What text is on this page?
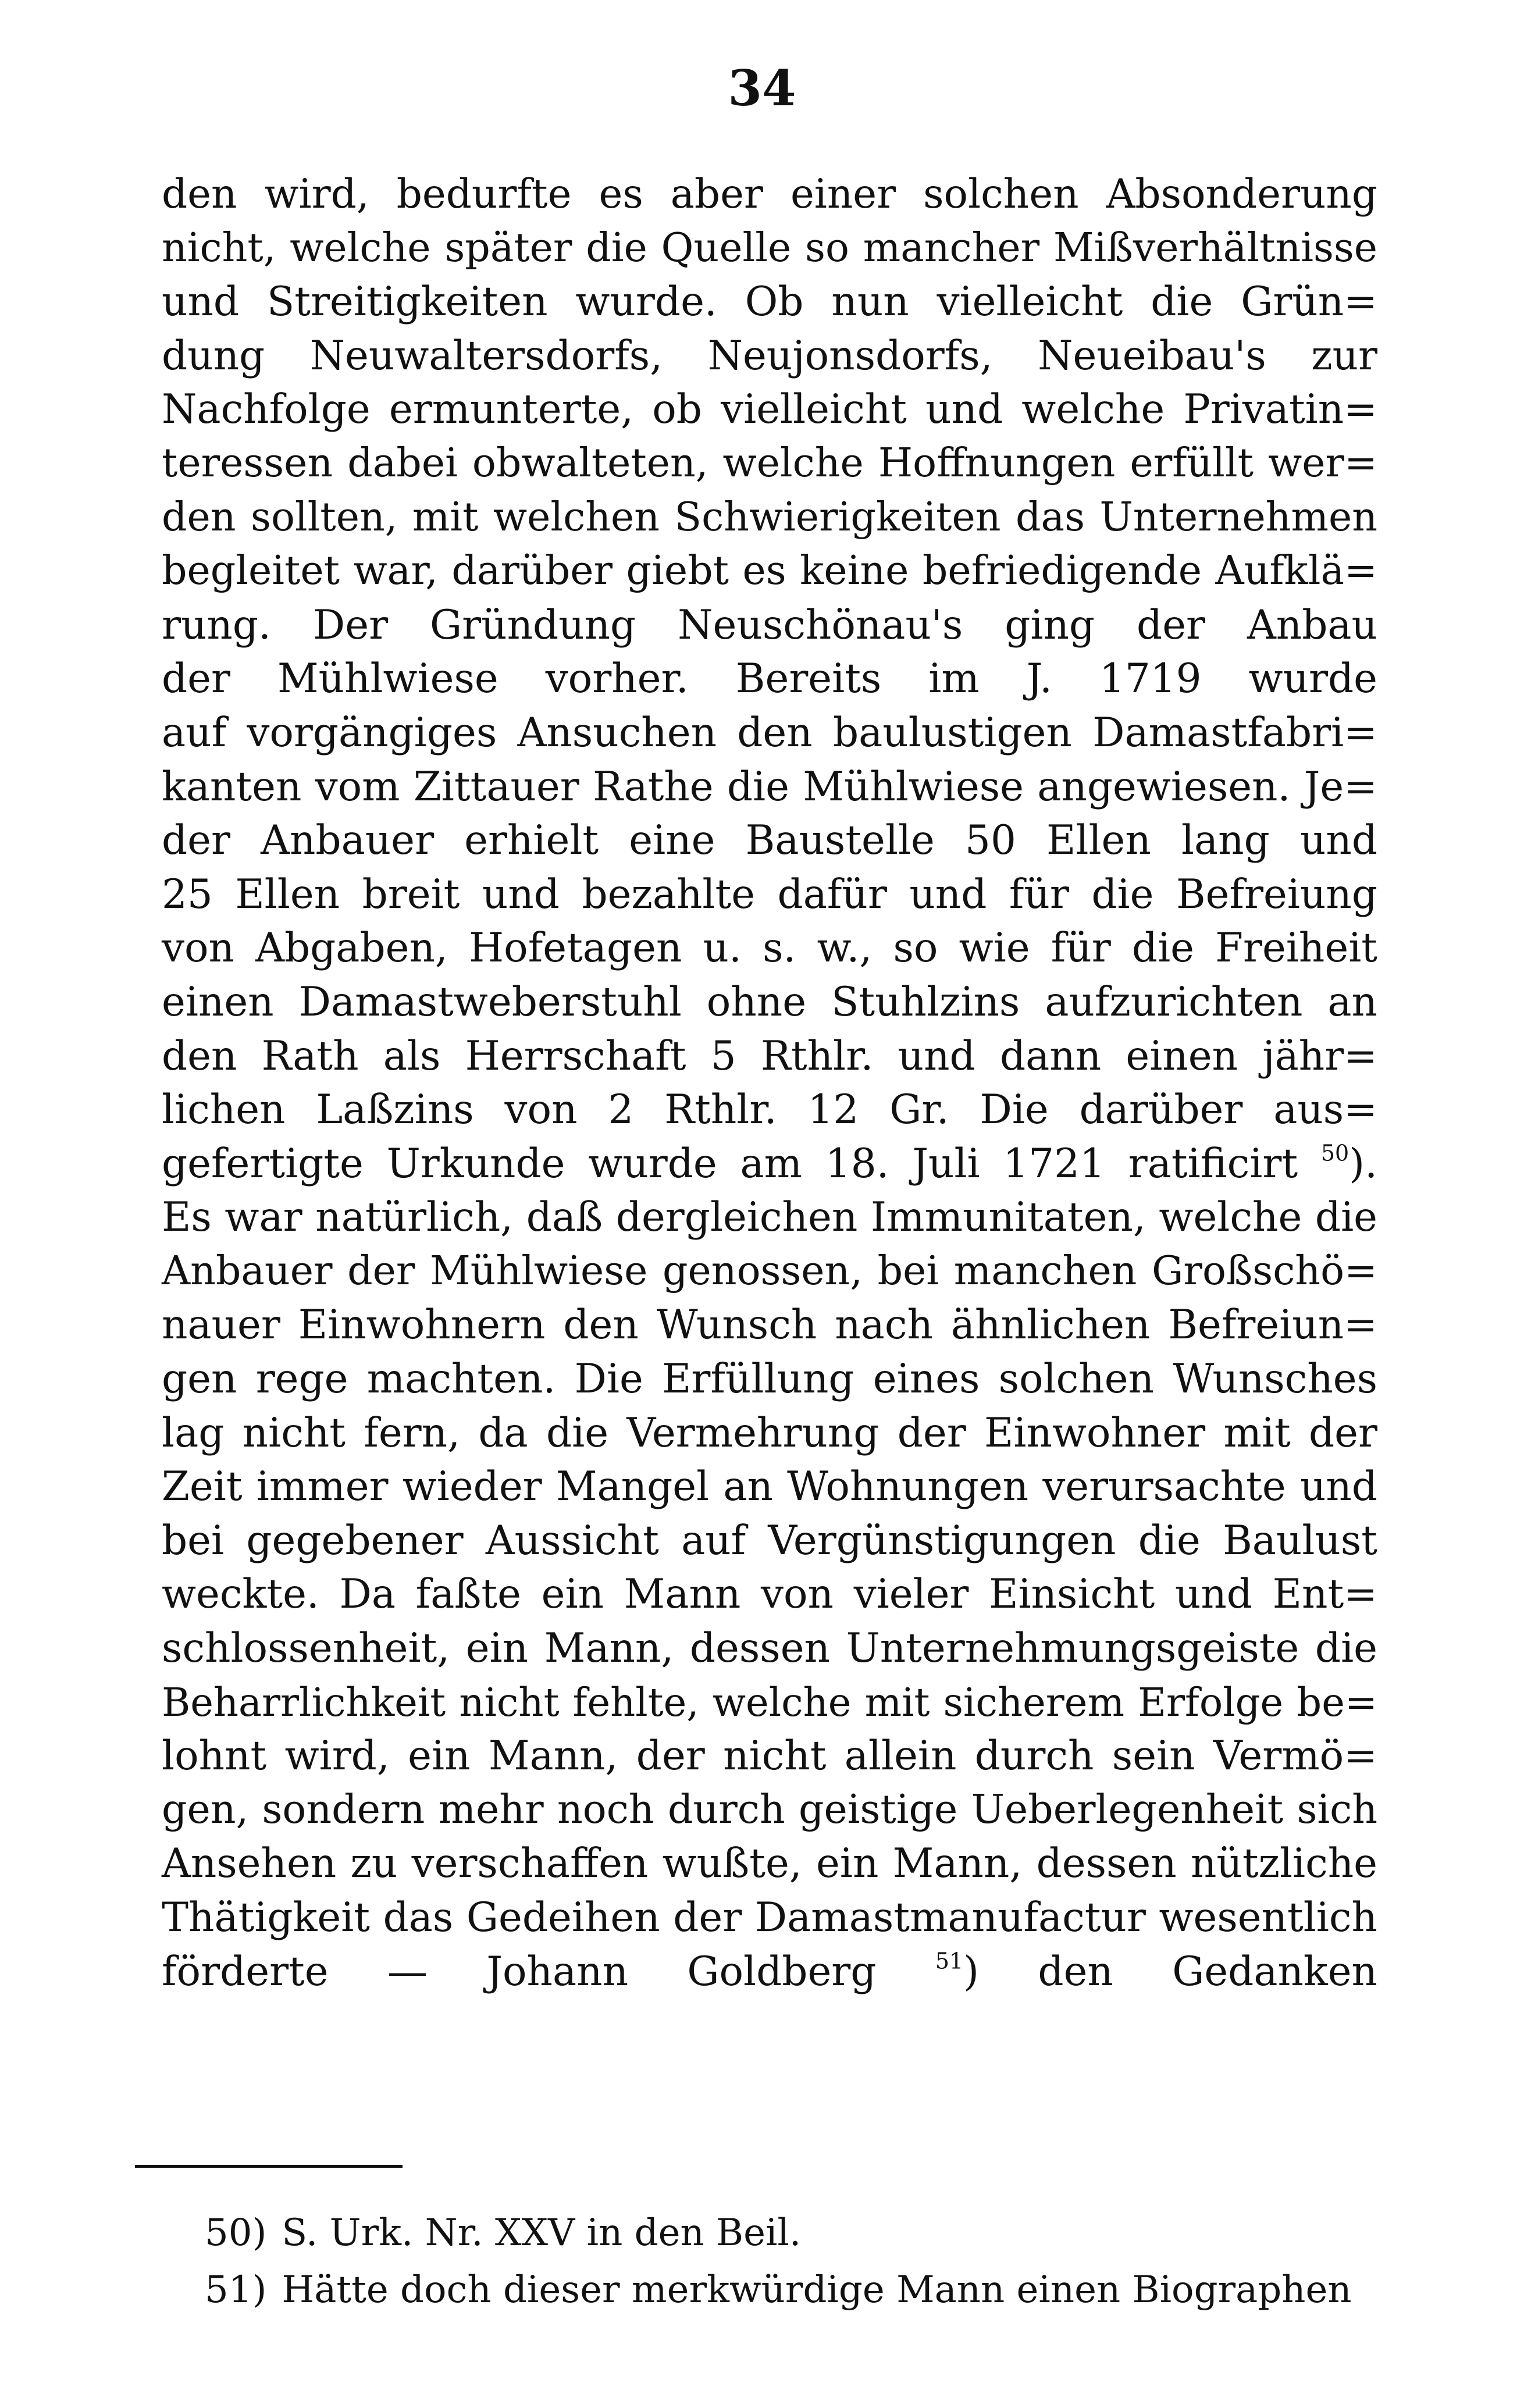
34
den wird, bedurfte es aber einer solchen Absonderung
nicht, welche später die Quelle so mancher Mißverhältnisse
und Streitigkeiten wurde. Ob nun vielleicht die Grün=
dung Neuwaltersdorfs, Neujonsdorfs, Neueibau's zur
Nachfolge ermunterte, ob vielleicht und welche Privatin=
teressen dabei obwalteten, welche Hoffnungen erfüllt wer=
den sollten, mit welchen Schwierigkeiten das Unternehmen
begleitet war, darüber giebt es keine befriedigende Aufklä=
rung. Der Gründung Neuschönau's ging der Anbau
der Mühlwiese vorher. Bereits im J. 1719 wurde
auf vorgängiges Ansuchen den baulustigen Damastfabri=
kanten vom Zittauer Rathe die Mühlwiese angewiesen. Je=
der Anbauer erhielt eine Baustelle 50 Ellen lang und
25 Ellen breit und bezahlte dafür und für die Befreiung
von Abgaben, Hofetagen u. s. w., so wie für die Freiheit
einen Damastweberstuhl ohne Stuhlzins aufzurichten an
den Rath als Herrschaft 5 Rthlr. und dann einen jähr=
lichen Laßzins von 2 Rthlr. 12 Gr. Die darüber aus=
gefertigte Urkunde wurde am 18. Juli 1721 ratificirt $^{50}$).
Es war natürlich, daß dergleichen Immunitaten, welche die
Anbauer der Mühlwiese genossen, bei manchen Großschö=
nauer Einwohnern den Wunsch nach ähnlichen Befreiun=
gen rege machten. Die Erfüllung eines solchen Wunsches
lag nicht fern, da die Vermehrung der Einwohner mit der
Zeit immer wieder Mangel an Wohnungen verursachte und
bei gegebener Aussicht auf Vergünstigungen die Baulust
weckte. Da faßte ein Mann von vieler Einsicht und Ent=
schlossenheit, ein Mann, dessen Unternehmungsgeiste die
Beharrlichkeit nicht fehlte, welche mit sicherem Erfolge be=
lohnt wird, ein Mann, der nicht allein durch sein Vermö=
gen, sondern mehr noch durch geistige Ueberlegenheit sich
Ansehen zu verschaffen wußte, ein Mann, dessen nützliche
Thätigkeit das Gedeihen der Damastmanufactur wesentlich
förderte — Johann Goldberg	$^{51}$) den Gedanken
50) S. Urk. Nr. XXV in den Beil.
51) Hätte doch dieser merkwürdige Mann einen Biographen
